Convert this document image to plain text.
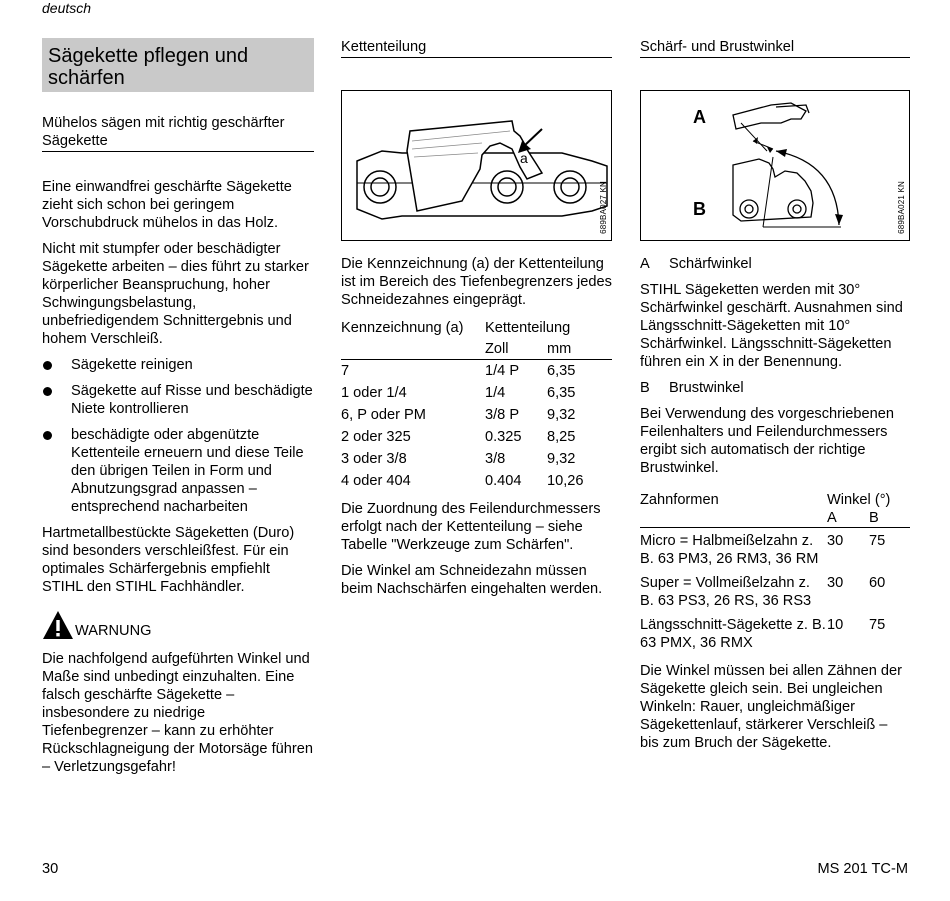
deutsch
Sägekette pflegen und schärfen
Mühelos sägen mit richtig geschärfter Sägekette

Eine einwandfrei geschärfte Sägekette zieht sich schon bei geringem Vorschubdruck mühelos in das Holz.

Nicht mit stumpfer oder beschädigter Sägekette arbeiten – dies führt zu starker körperlicher Beanspruchung, hoher Schwingungsbelastung, unbefriedigendem Schnittergebnis und hohem Verschleiß.

Sägekette reinigen
Sägekette auf Risse und beschädigte Niete kontrollieren
beschädigte oder abgenützte Kettenteile erneuern und diese Teile den übrigen Teilen in Form und Abnutzungsgrad anpassen – entsprechend nacharbeiten

Hartmetallbestückte Sägeketten (Duro) sind besonders verschleißfest. Für ein optimales Schärfergebnis empfiehlt STIHL den STIHL Fachhändler.

WARNUNG

Die nachfolgend aufgeführten Winkel und Maße sind unbedingt einzuhalten. Eine falsch geschärfte Sägekette – insbesondere zu niedrige Tiefenbegrenzer – kann zu erhöhter Rückschlagneigung der Motorsäge führen – Verletzungsgefahr!

Kettenteilung
a
689BA027 KN

Die Kennzeichnung (a) der Kettenteilung ist im Bereich des Tiefenbegrenzers jedes Schneidezahnes eingeprägt.

Kennzeichnung (a)	Kettenteilung	
	Zoll	mm
7	1/4 P	6,35
1 oder 1/4	1/4	6,35
6, P oder PM	3/8 P	9,32
2 oder 325	0.325	8,25
3 oder 3/8	3/8	9,32
4 oder 404	0.404	10,26

Die Zuordnung des Feilendurchmessers erfolgt nach der Kettenteilung – siehe Tabelle "Werkzeuge zum Schärfen".

Die Winkel am Schneidezahn müssen beim Nachschärfen eingehalten werden.

Schärf- und Brustwinkel
A
B	689BA021 KN
A	Schärfwinkel

STIHL Sägeketten werden mit 30° Schärfwinkel geschärft. Ausnahmen sind Längsschnitt-Sägeketten mit 10° Schärfwinkel. Längsschnitt-Sägeketten führen ein X in der Benennung.

B	Brustwinkel

Bei Verwendung des vorgeschriebenen Feilenhalters und Feilendurchmessers ergibt sich automatisch der richtige Brustwinkel.

Zahnformen	Winkel (°)	
	A	B
Micro = Halbmeißelzahn z. B. 63 PM3, 26 RM3, 36 RM	30	75
Super = Vollmeißelzahn z. B. 63 PS3, 26 RS, 36 RS3	30	60
Längsschnitt-Sägekette z. B. 63 PMX, 36 RMX	10	75

Die Winkel müssen bei allen Zähnen der Sägekette gleich sein. Bei ungleichen Winkeln: Rauer, ungleichmäßiger Sägekettenlauf, stärkerer Verschleiß – bis zum Bruch der Sägekette.

30	MS 201 TC-M
